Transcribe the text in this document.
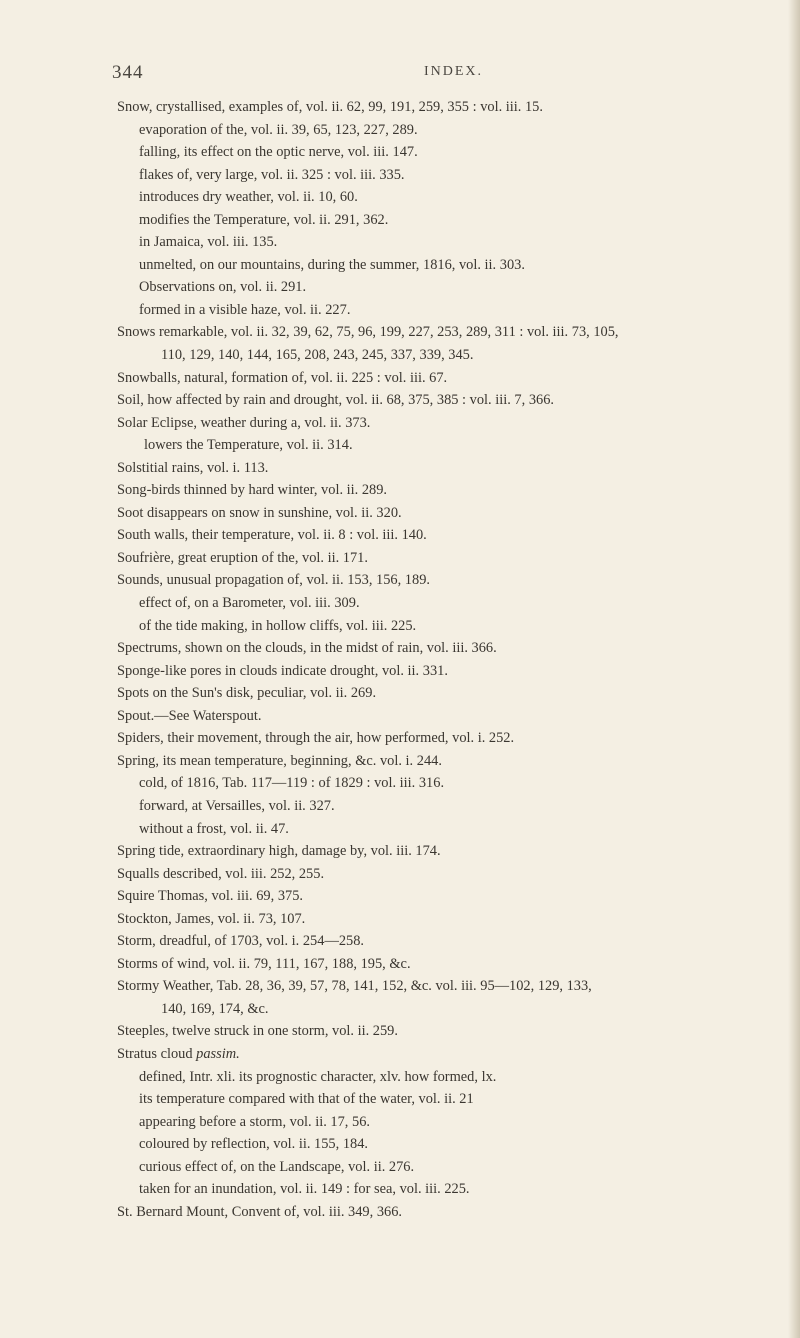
344	INDEX.
Snow, crystallised, examples of, vol. ii. 62, 99, 191, 259, 355 : vol. iii. 15.
evaporation of the, vol. ii. 39, 65, 123, 227, 289.
falling, its effect on the optic nerve, vol. iii. 147.
flakes of, very large, vol. ii. 325 : vol. iii. 335.
introduces dry weather, vol. ii. 10, 60.
modifies the Temperature, vol. ii. 291, 362.
in Jamaica, vol. iii. 135.
unmelted, on our mountains, during the summer, 1816, vol. ii. 303.
Observations on, vol. ii. 291.
formed in a visible haze, vol. ii. 227.
Snows remarkable, vol. ii. 32, 39, 62, 75, 96, 199, 227, 253, 289, 311 : vol. iii. 73, 105,
110, 129, 140, 144, 165, 208, 243, 245, 337, 339, 345.
Snowballs, natural, formation of, vol. ii. 225 : vol. iii. 67.
Soil, how affected by rain and drought, vol. ii. 68, 375, 385 : vol. iii. 7, 366.
Solar Eclipse, weather during a, vol. ii. 373.
lowers the Temperature, vol. ii. 314.
Solstitial rains, vol. i. 113.
Song-birds thinned by hard winter, vol. ii. 289.
Soot disappears on snow in sunshine, vol. ii. 320.
South walls, their temperature, vol. ii. 8 : vol. iii. 140.
Soufrière, great eruption of the, vol. ii. 171.
Sounds, unusual propagation of, vol. ii. 153, 156, 189.
effect of, on a Barometer, vol. iii. 309.
of the tide making, in hollow cliffs, vol. iii. 225.
Spectrums, shown on the clouds, in the midst of rain, vol. iii. 366.
Sponge-like pores in clouds indicate drought, vol. ii. 331.
Spots on the Sun's disk, peculiar, vol. ii. 269.
Spout.—See Waterspout.
Spiders, their movement, through the air, how performed, vol. i. 252.
Spring, its mean temperature, beginning, &c. vol. i. 244.
cold, of 1816, Tab. 117—119 : of 1829 : vol. iii. 316.
forward, at Versailles, vol. ii. 327.
without a frost, vol. ii. 47.
Spring tide, extraordinary high, damage by, vol. iii. 174.
Squalls described, vol. iii. 252, 255.
Squire Thomas, vol. iii. 69, 375.
Stockton, James, vol. ii. 73, 107.
Storm, dreadful, of 1703, vol. i. 254—258.
Storms of wind, vol. ii. 79, 111, 167, 188, 195, &c.
Stormy Weather, Tab. 28, 36, 39, 57, 78, 141, 152, &c. vol. iii. 95—102, 129, 133,
140, 169, 174, &c.
Steeples, twelve struck in one storm, vol. ii. 259.
Stratus cloud passim.
defined, Intr. xli. its prognostic character, xlv. how formed, lx.
its temperature compared with that of the water, vol. ii. 21
appearing before a storm, vol. ii. 17, 56.
coloured by reflection, vol. ii. 155, 184.
curious effect of, on the Landscape, vol. ii. 276.
taken for an inundation, vol. ii. 149 : for sea, vol. iii. 225.
St. Bernard Mount, Convent of, vol. iii. 349, 366.
